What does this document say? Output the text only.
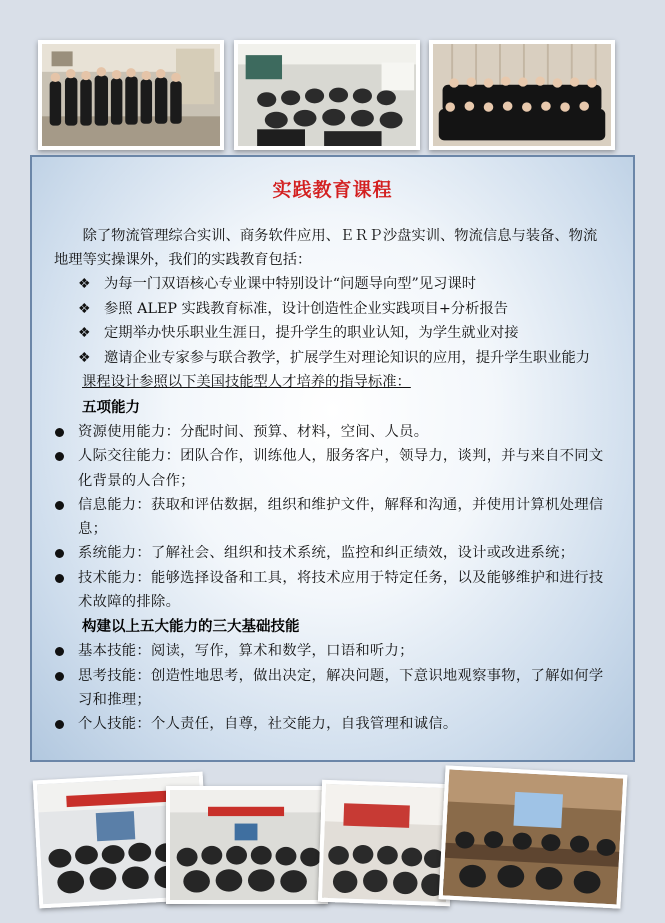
实践教育课程

除了物流管理综合实训、商务软件应用、ＥＲＰ沙盘实训、物流信息与装备、物流地理等实操课外，我们的实践教育包括：

❖ 为每一门双语核心专业课中特别设计“问题导向型”见习课时
❖ 参照 ALEP 实践教育标准，设计创造性企业实践项目+分析报告
❖ 定期举办快乐职业生涯日，提升学生的职业认知，为学生就业对接
❖ 邀请企业专家参与联合教学，扩展学生对理论知识的应用，提升学生职业能力
课程设计参照以下美国技能型人才培养的指导标准：
五项能力
资源使用能力：分配时间、预算、材料，空间、人员。
人际交往能力：团队合作，训练他人，服务客户，领导力，谈判，并与来自不同文化背景的人合作；
信息能力：获取和评估数据，组织和维护文件，解释和沟通，并使用计算机处理信息；
系统能力：了解社会、组织和技术系统，监控和纠正绩效，设计或改进系统；
技术能力：能够选择设备和工具，将技术应用于特定任务，以及能够维护和进行技术故障的排除。
构建以上五大能力的三大基础技能
基本技能：阅读，写作，算术和数学，口语和听力；
思考技能：创造性地思考，做出决定，解决问题，下意识地观察事物，了解如何学习和推理；
个人技能：个人责任，自尊，社交能力，自我管理和诚信。
